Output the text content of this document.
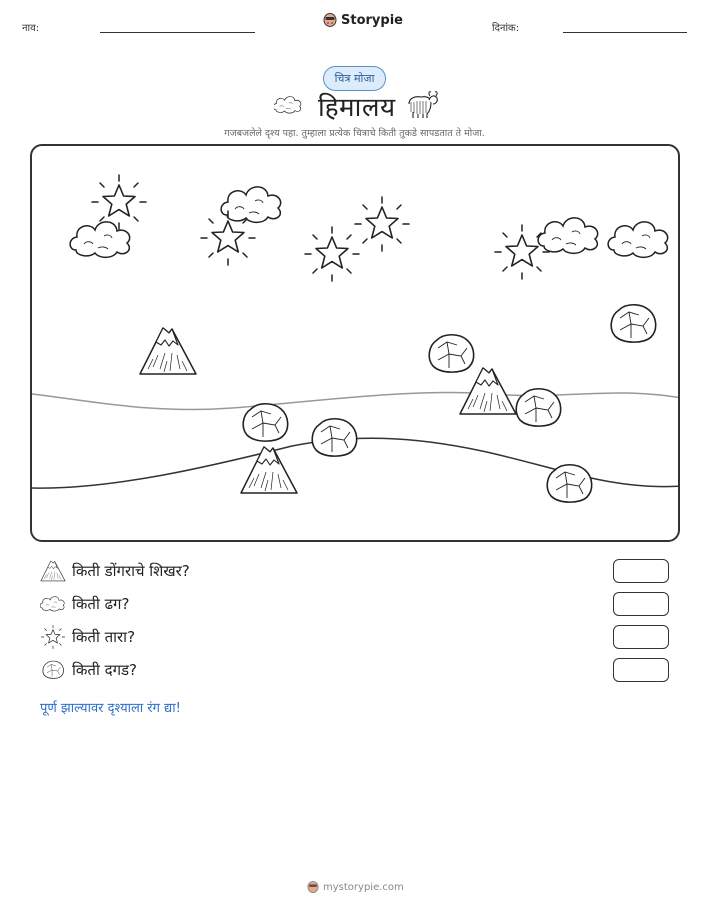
नाव:
Storypie
दिनांक:
चित्र मोजा
हिमालय
गजबजलेले दृश्य पहा. तुम्हाला प्रत्येक चित्राचे किती तुकडे सापडतात ते मोजा.
किती डोंगराचे शिखर?
किती ढग?
किती तारा?
किती दगड?
पूर्ण झाल्यावर दृश्याला रंग द्या!
mystorypie.com
